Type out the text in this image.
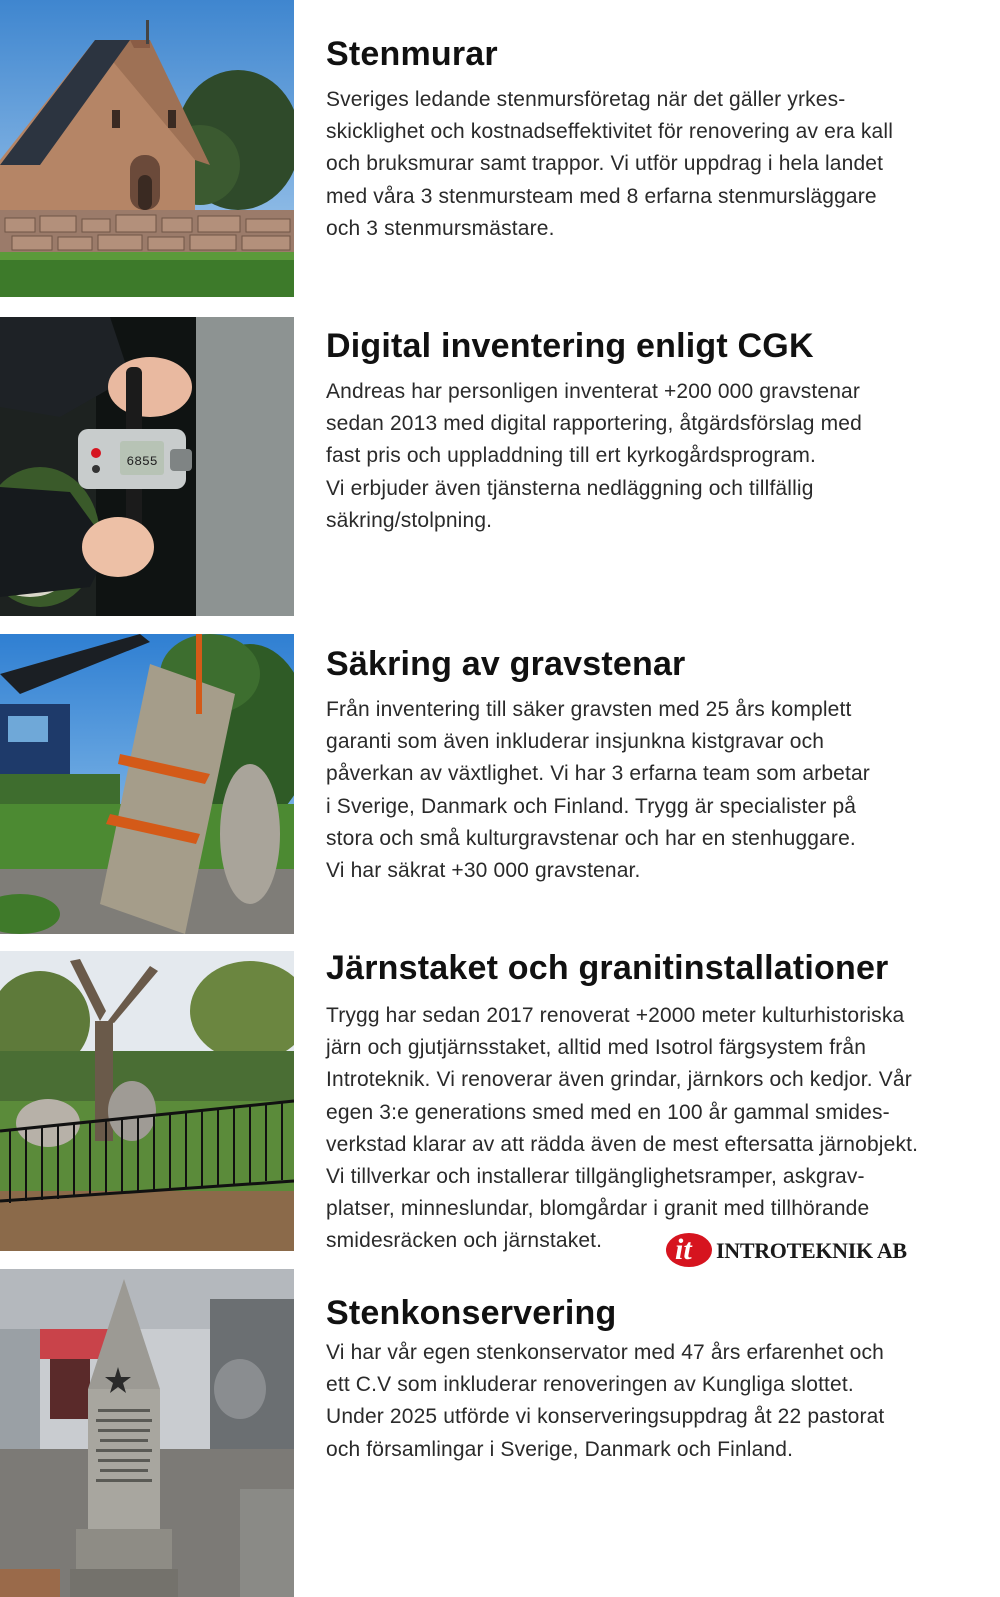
Stenmurar

Sveriges ledande stenmursföretag när det gäller yrkes-
skicklighet och kostnadseffektivitet för renovering av era kall
och bruksmurar samt trappor. Vi utför uppdrag i hela landet
med våra 3 stenmursteam med 8 erfarna stenmursläggare
och 3 stenmursmästare.

6855
Digital inventering enligt CGK

Andreas har personligen inventerat +200 000 gravstenar
sedan 2013 med digital rapportering, åtgärdsförslag med
fast pris och uppladdning till ert kyrkogårdsprogram.
Vi erbjuder även tjänsterna nedläggning och tillfällig
säkring/stolpning.

Säkring av gravstenar

Från inventering till säker gravsten med 25 års komplett
garanti som även inkluderar insjunkna kistgravar och
påverkan av växtlighet. Vi har 3 erfarna team som arbetar
i Sverige, Danmark och Finland. Trygg är specialister på
stora och små kulturgravstenar och har en stenhuggare.
Vi har säkrat +30 000 gravstenar.

Järnstaket och granitinstallationer

Trygg har sedan 2017 renoverat +2000 meter kulturhistoriska
järn och gjutjärnsstaket, alltid med Isotrol färgsystem från
Introteknik. Vi renoverar även grindar, järnkors och kedjor. Vår
egen 3:e generations smed med en 100 år gammal smides-
verkstad klarar av att rädda även de mest eftersatta järnobjekt.
Vi tillverkar och installerar tillgänglighetsramper, askgrav-
platser, minneslundar, blomgårdar i granit med tillhörande
smidesräcken och järnstaket.	it INTROTEKNIK AB
Stenkonservering

Vi har vår egen stenkonservator med 47 års erfarenhet och
ett C.V som inkluderar renoveringen av Kungliga slottet.
Under 2025 utförde vi konserveringsuppdrag åt 22 pastorat
och församlingar i Sverige, Danmark och Finland.
